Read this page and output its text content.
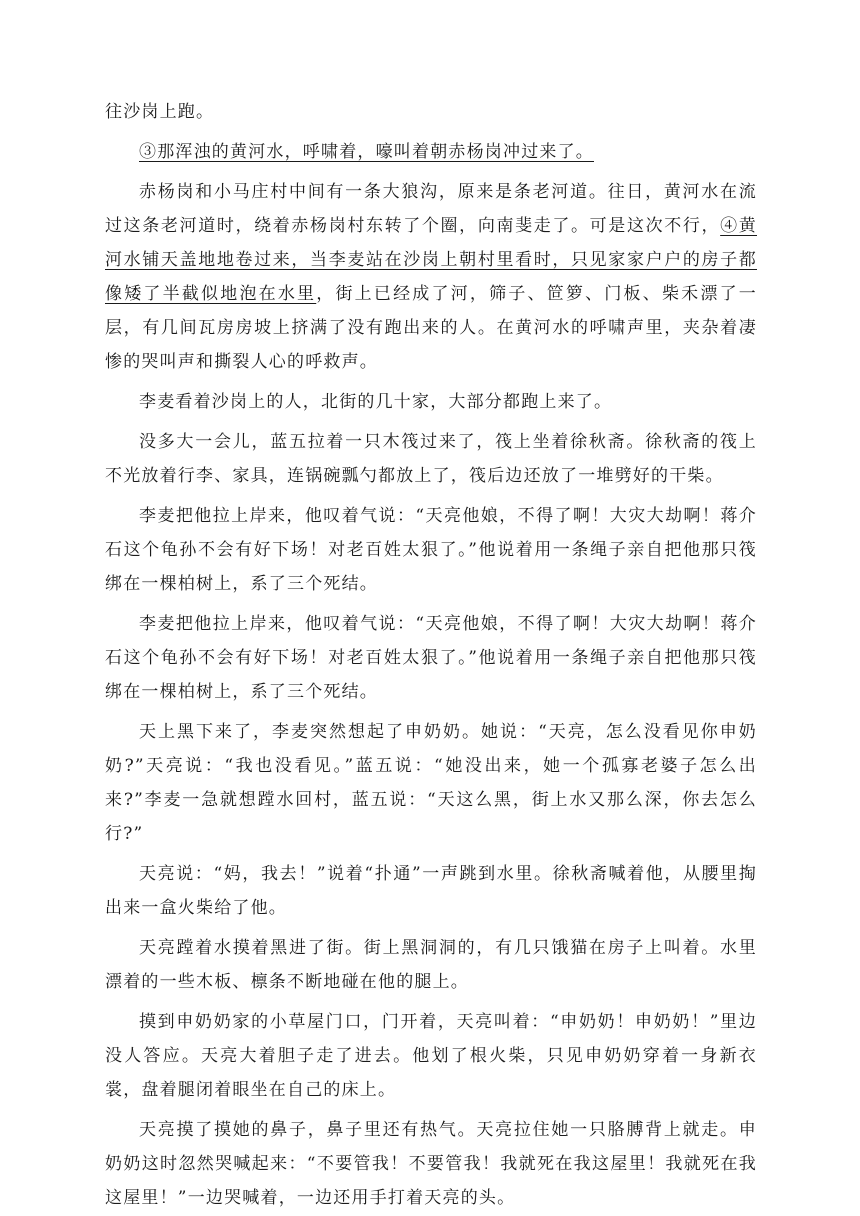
往沙岗上跑。

③那浑浊的黄河水，呼啸着，嚎叫着朝赤杨岗冲过来了。

赤杨岗和小马庄村中间有一条大狼沟，原来是条老河道。往日，黄河水在流过这条老河道时，绕着赤杨岗村东转了个圈，向南斐走了。可是这次不行，④黄河水铺天盖地地卷过来，当李麦站在沙岗上朝村里看时，只见家家户户的房子都像矮了半截似地泡在水里，街上已经成了河，筛子、笸箩、门板、柴禾漂了一层，有几间瓦房房坡上挤满了没有跑出来的人。在黄河水的呼啸声里，夹杂着凄惨的哭叫声和撕裂人心的呼救声。

李麦看着沙岗上的人，北街的几十家，大部分都跑上来了。

没多大一会儿，蓝五拉着一只木筏过来了，筏上坐着徐秋斋。徐秋斋的筏上不光放着行李、家具，连锅碗瓢勺都放上了，筏后边还放了一堆劈好的干柴。

李麦把他拉上岸来，他叹着气说：“天亮他娘，不得了啊！大灾大劫啊！蒋介石这个龟孙不会有好下场！对老百姓太狠了。”他说着用一条绳子亲自把他那只筏绑在一棵柏树上，系了三个死结。

李麦把他拉上岸来，他叹着气说：“天亮他娘，不得了啊！大灾大劫啊！蒋介石这个龟孙不会有好下场！对老百姓太狠了。”他说着用一条绳子亲自把他那只筏绑在一棵柏树上，系了三个死结。

天上黑下来了，李麦突然想起了申奶奶。她说：“天亮，怎么没看见你申奶奶?”天亮说：“我也没看见。”蓝五说：“她没出来，她一个孤寡老婆子怎么出来?”李麦一急就想蹚水回村，蓝五说：“天这么黑，街上水又那么深，你去怎么行?”

天亮说：“妈，我去！”说着“扑通”一声跳到水里。徐秋斋喊着他，从腰里掏出来一盒火柴给了他。

天亮蹚着水摸着黑进了街。街上黑洞洞的，有几只饿猫在房子上叫着。水里漂着的一些木板、檩条不断地碰在他的腿上。

摸到申奶奶家的小草屋门口，门开着，天亮叫着：“申奶奶！申奶奶！”里边没人答应。天亮大着胆子走了进去。他划了根火柴，只见申奶奶穿着一身新衣裳，盘着腿闭着眼坐在自己的床上。

天亮摸了摸她的鼻子，鼻子里还有热气。天亮拉住她一只胳膊背上就走。申奶奶这时忽然哭喊起来：“不要管我！不要管我！我就死在我这屋里！我就死在我这屋里！”一边哭喊着，一边还用手打着天亮的头。
